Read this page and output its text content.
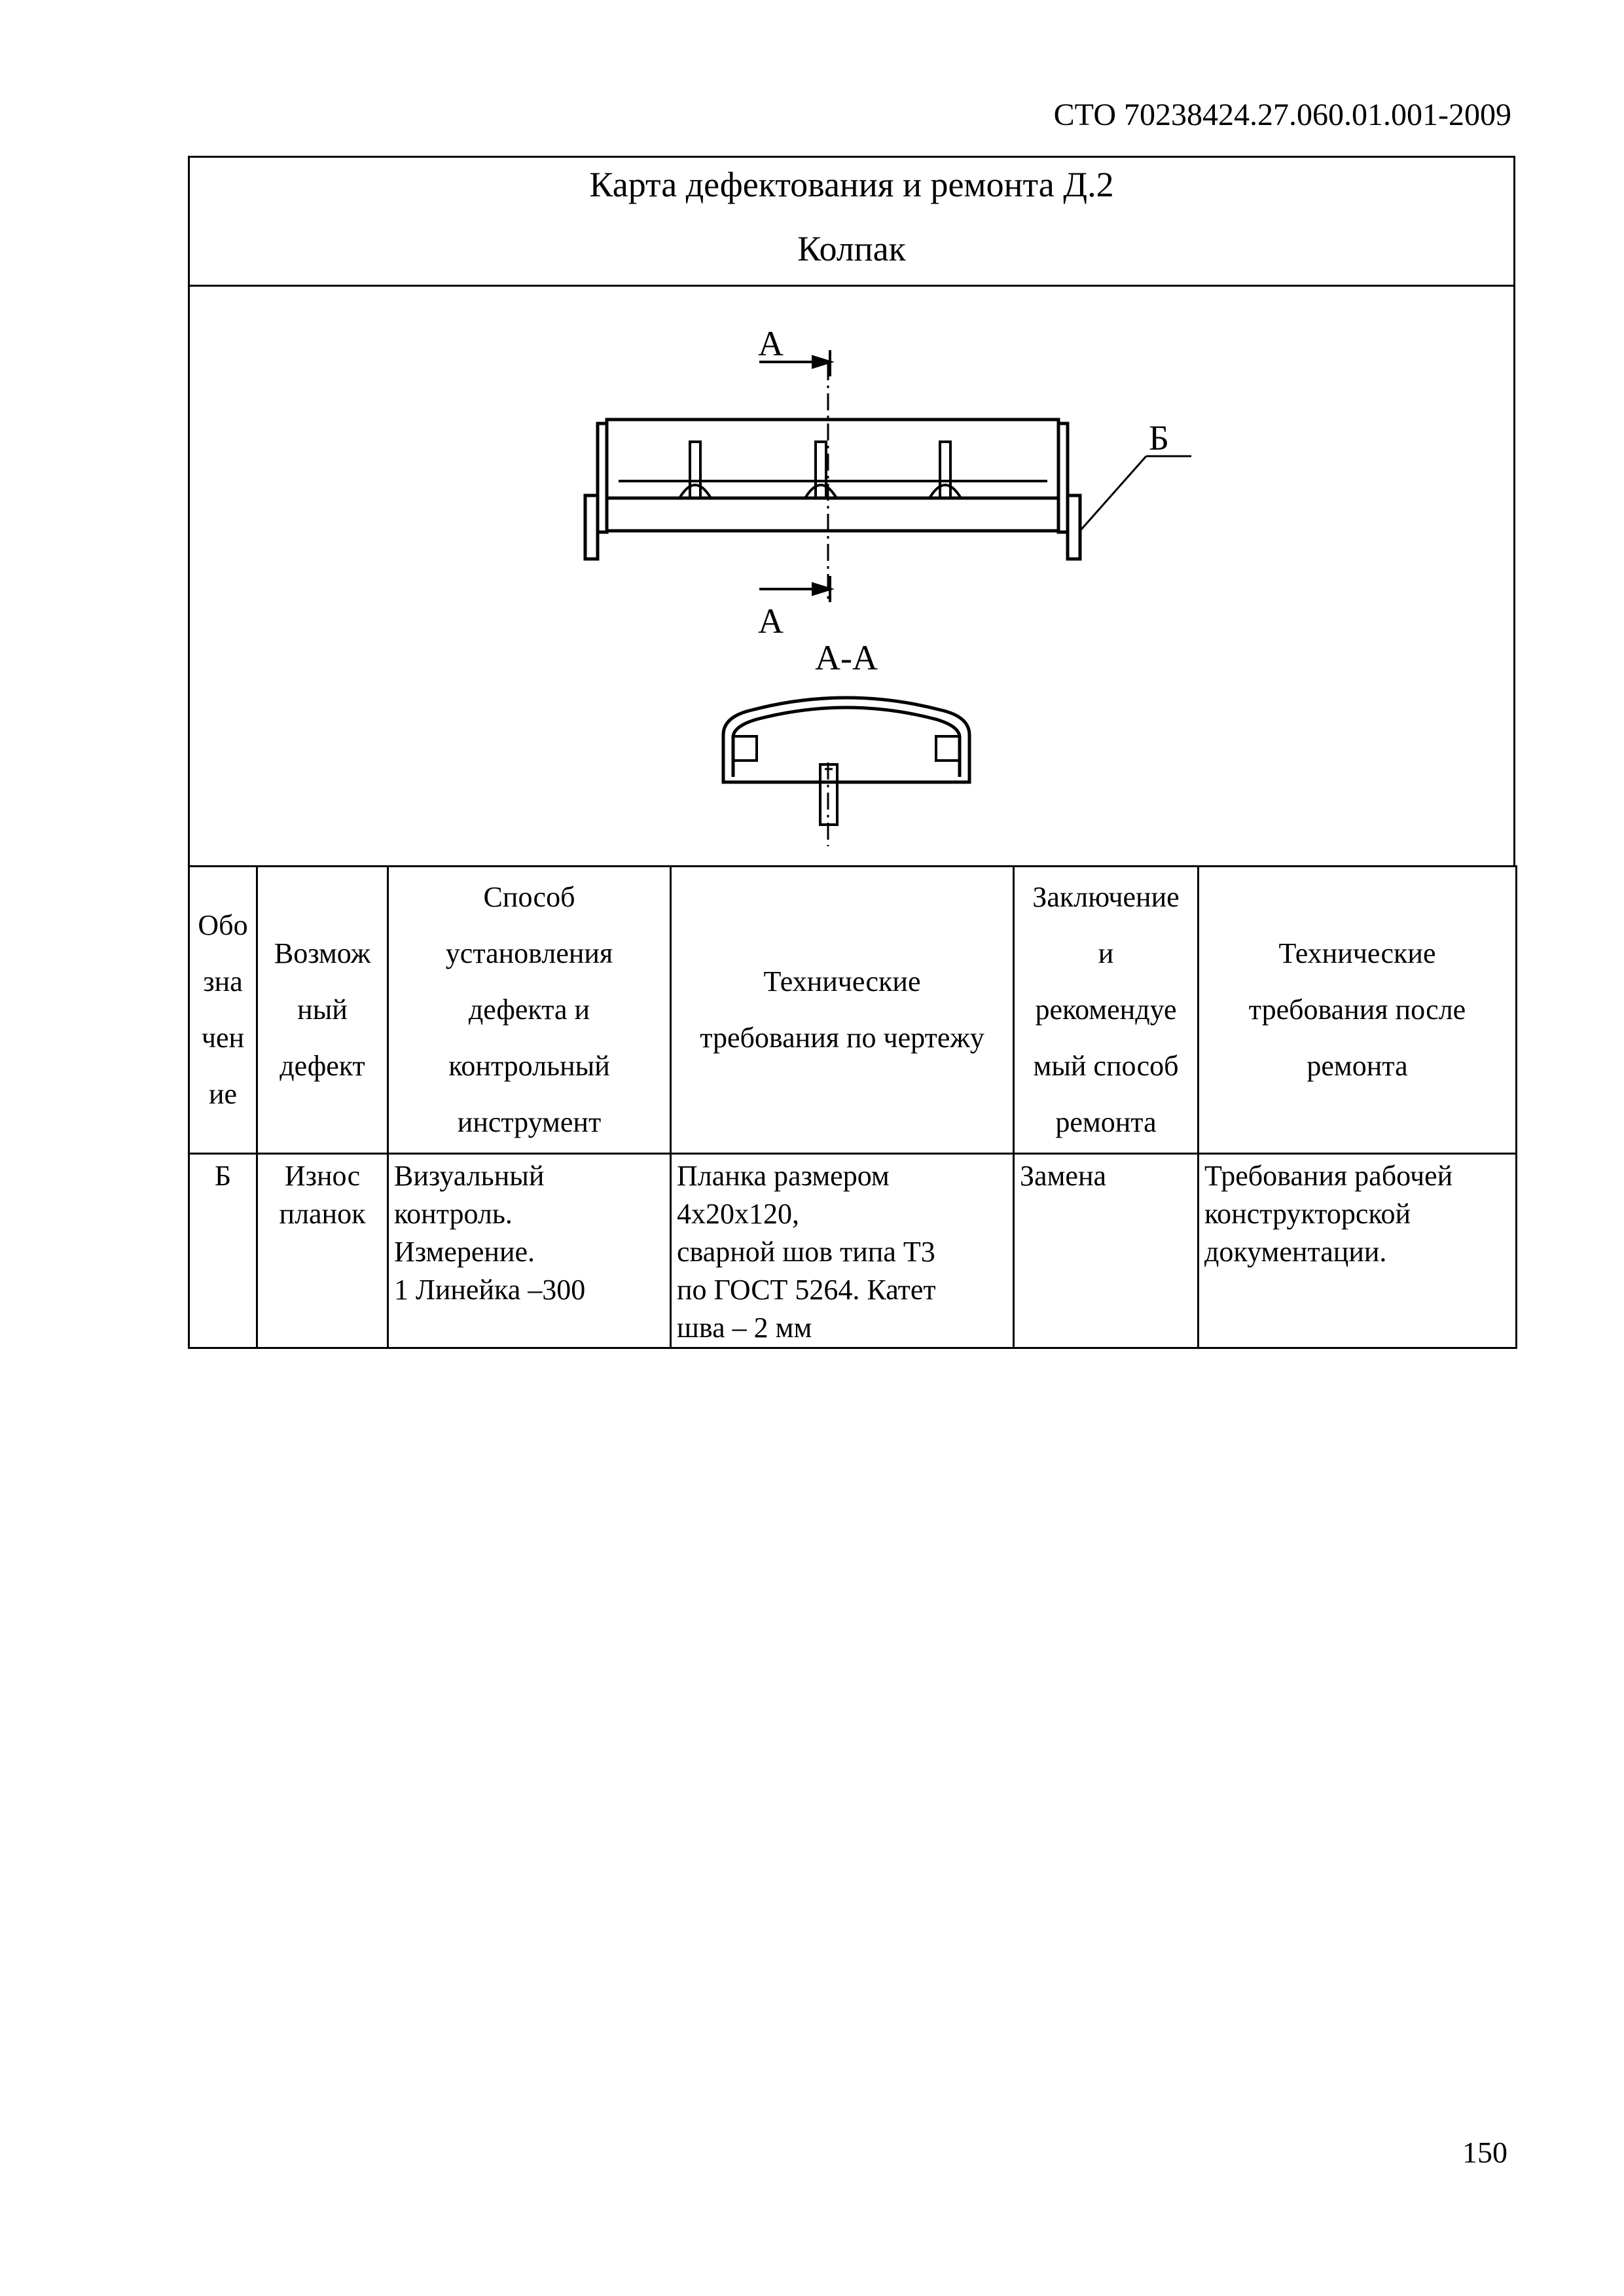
СТО 70238424.27.060.01.001-2009
Карта дефектования и ремонта Д.2
Колпак
А
А
Б
А-А
Обо
зна
чен
ие	Возмож
ный
дефект	Способ
установления
дефекта и
контрольный
инструмент	Технические
требования по чертежу	Заключение
и
рекомендуе
мый способ
ремонта	Технические
требования после
ремонта
Б	Износ
планок	Визуальный
контроль.
Измерение.
1 Линейка –300	Планка размером
4х20х120,
сварной шов типа Т3
по ГОСТ 5264. Катет
шва – 2 мм	Замена	Требования рабочей
конструкторской
документации.
150
